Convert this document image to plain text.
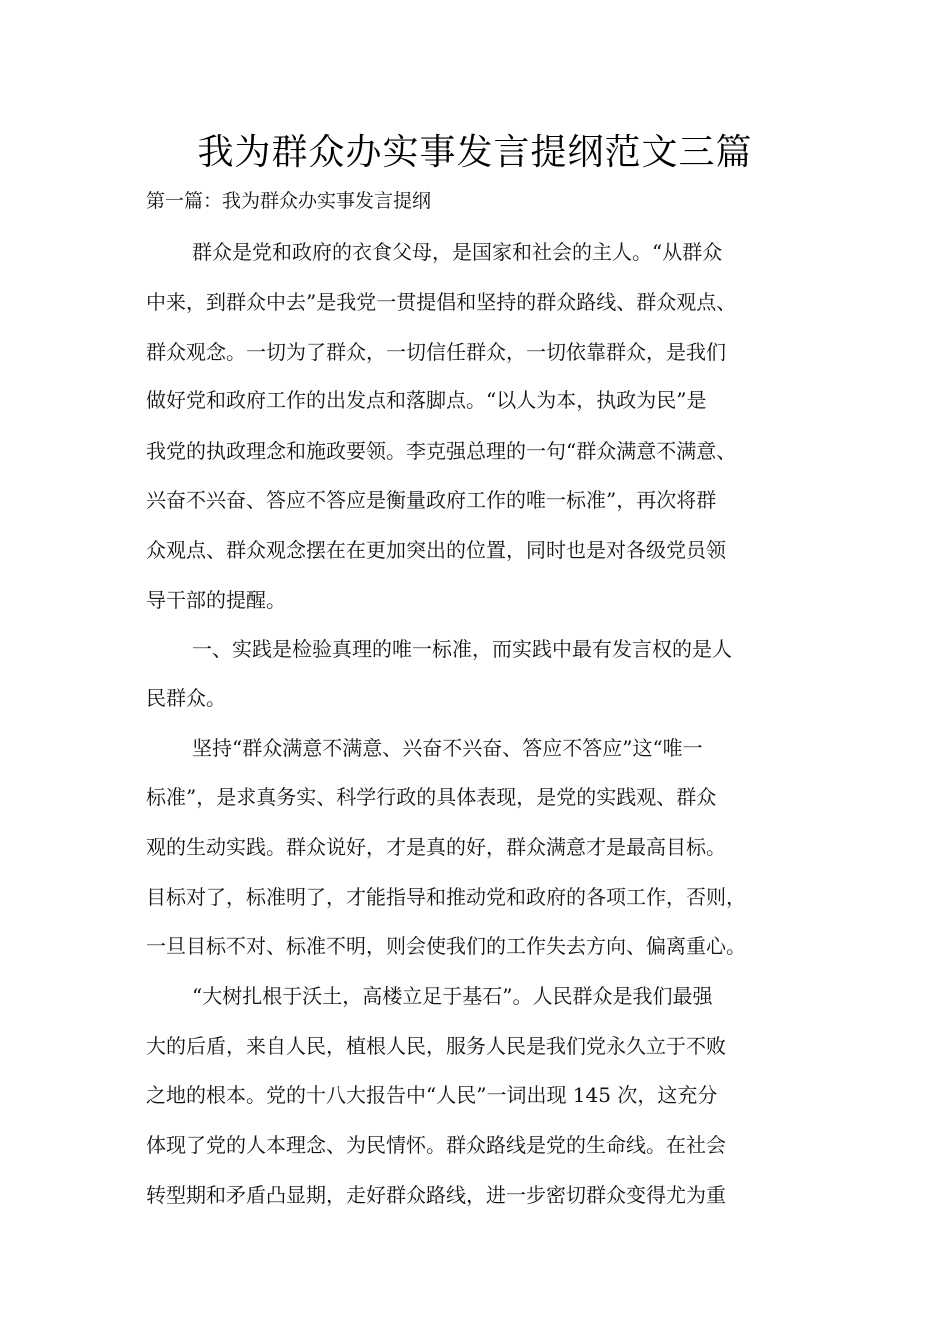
我为群众办实事发言提纲范文三篇
第一篇：我为群众办实事发言提纲
群众是党和政府的衣食父母，是国家和社会的主人。“从群众
中来，到群众中去”是我党一贯提倡和坚持的群众路线、群众观点、
群众观念。一切为了群众，一切信任群众，一切依靠群众，是我们
做好党和政府工作的出发点和落脚点。“以人为本，执政为民”是
我党的执政理念和施政要领。李克强总理的一句“群众满意不满意、
兴奋不兴奋、答应不答应是衡量政府工作的唯一标准”，再次将群
众观点、群众观念摆在在更加突出的位置，同时也是对各级党员领
导干部的提醒。
一、实践是检验真理的唯一标准，而实践中最有发言权的是人
民群众。
坚持“群众满意不满意、兴奋不兴奋、答应不答应”这“唯一
标准”，是求真务实、科学行政的具体表现，是党的实践观、群众
观的生动实践。群众说好，才是真的好，群众满意才是最高目标。
目标对了，标准明了，才能指导和推动党和政府的各项工作，否则，
一旦目标不对、标准不明，则会使我们的工作失去方向、偏离重心。
“大树扎根于沃土，高楼立足于基石”。人民群众是我们最强
大的后盾，来自人民，植根人民，服务人民是我们党永久立于不败
之地的根本。党的十八大报告中“人民”一词出现 145 次，这充分
体现了党的人本理念、为民情怀。群众路线是党的生命线。在社会
转型期和矛盾凸显期，走好群众路线，进一步密切群众变得尤为重
